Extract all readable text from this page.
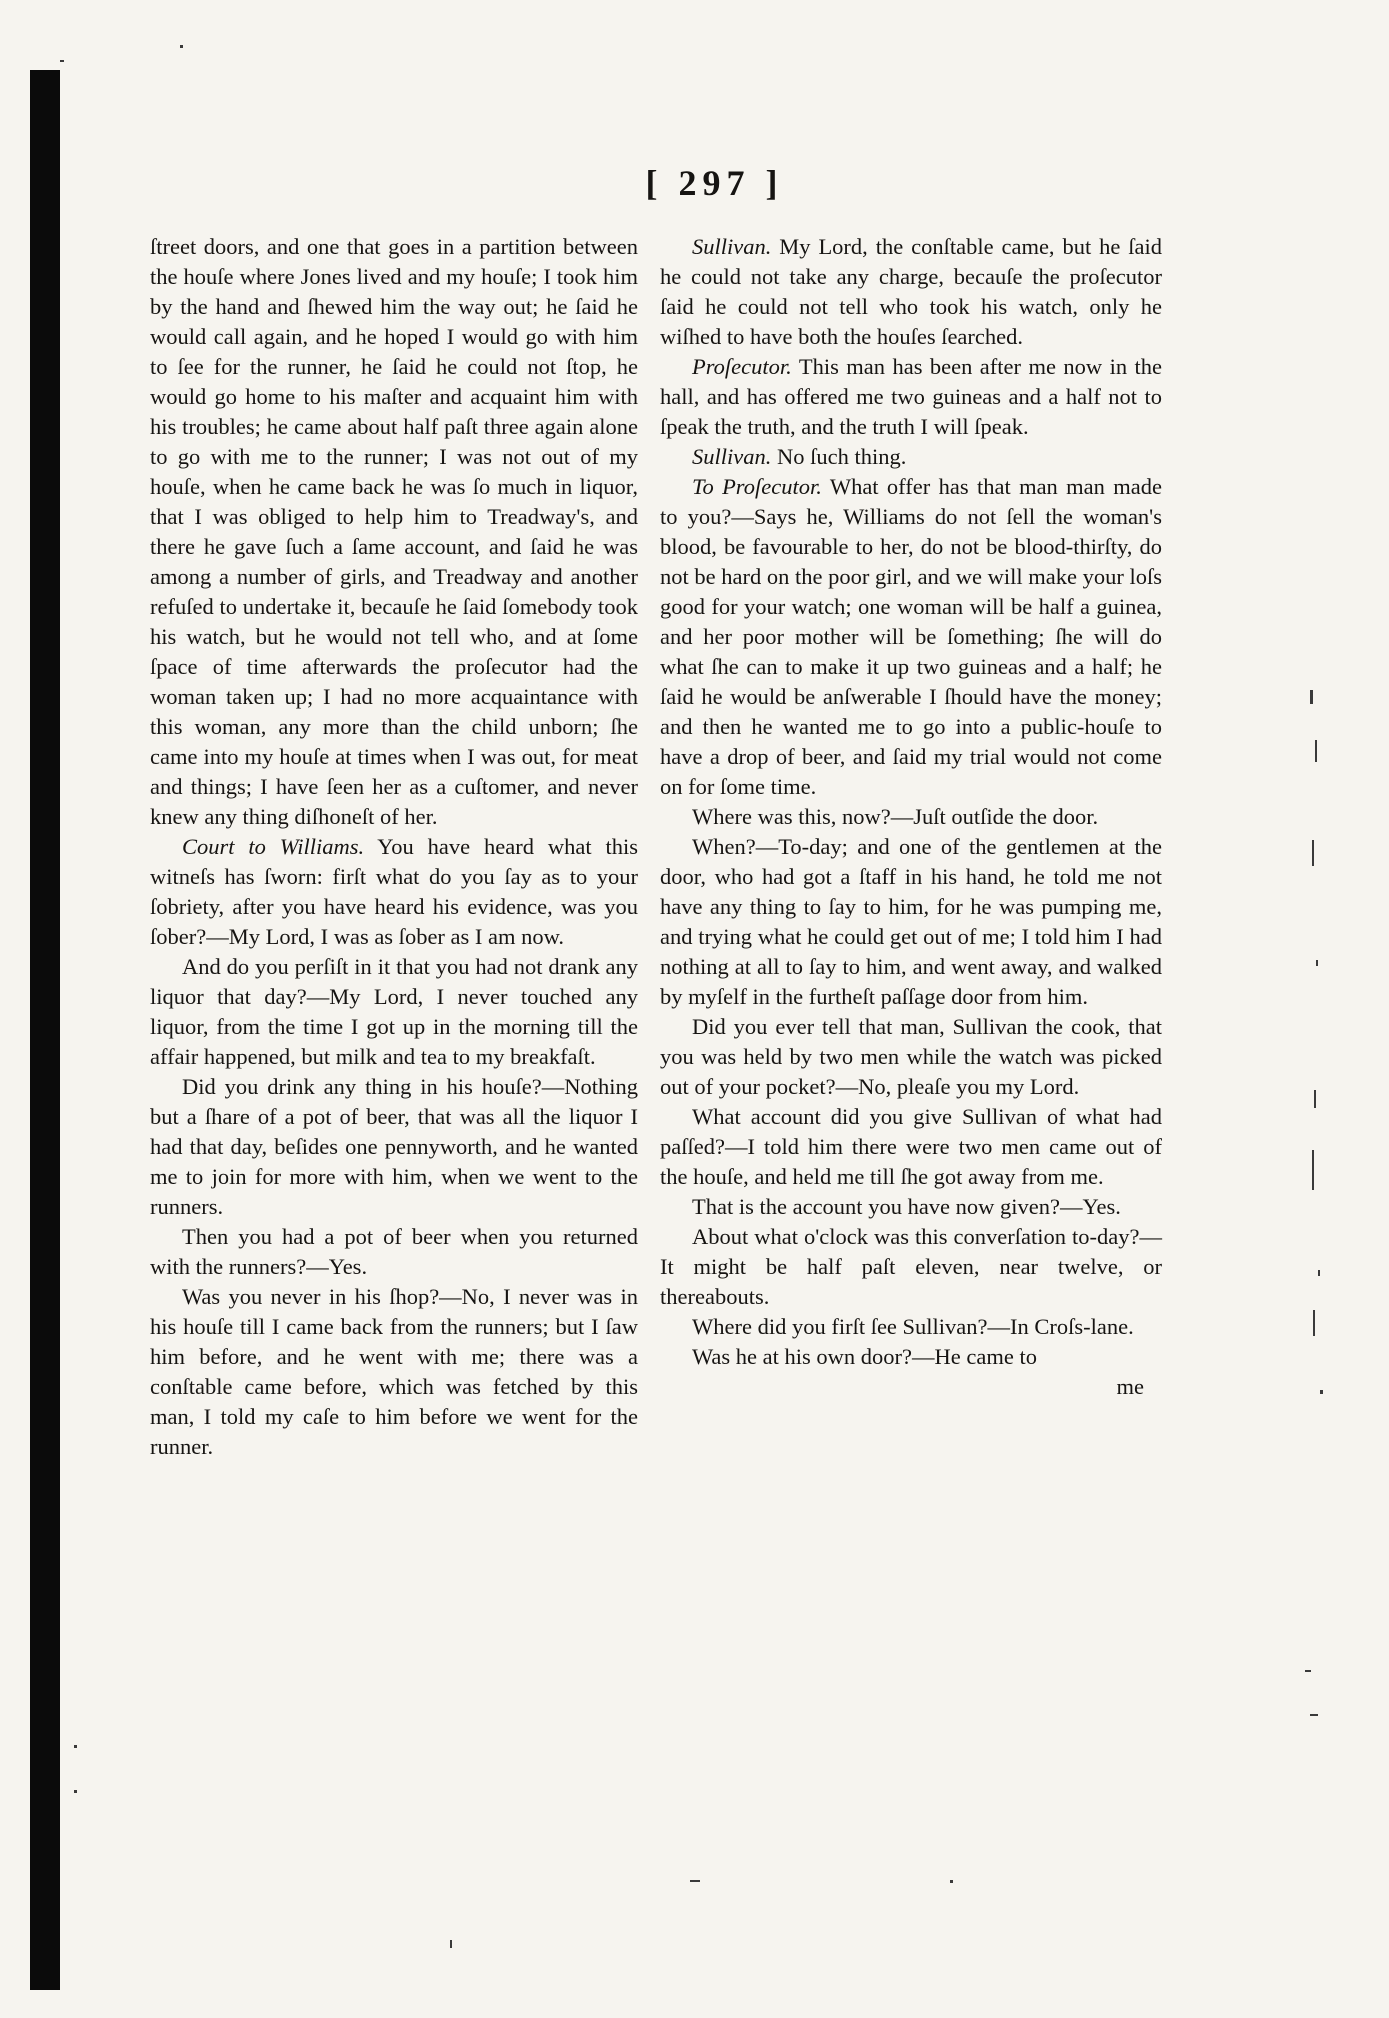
[ 297 ]

ſtreet doors, and one that goes in a partition between the houſe where Jones lived and my houſe; I took him by the hand and ſhewed him the way out; he ſaid he would call again, and he hoped I would go with him to ſee for the runner, he ſaid he could not ſtop, he would go home to his maſter and acquaint him with his troubles; he came about half paſt three again alone to go with me to the runner; I was not out of my houſe, when he came back he was ſo much in liquor, that I was obliged to help him to Treadway's, and there he gave ſuch a ſame account, and ſaid he was among a number of girls, and Treadway and another refuſed to undertake it, becauſe he ſaid ſomebody took his watch, but he would not tell who, and at ſome ſpace of time afterwards the proſecutor had the woman taken up; I had no more acquaintance with this woman, any more than the child unborn; ſhe came into my houſe at times when I was out, for meat and things; I have ſeen her as a cuſtomer, and never knew any thing diſhoneſt of her.

Court to Williams. You have heard what this witneſs has ſworn: firſt what do you ſay as to your ſobriety, after you have heard his evidence, was you ſober?—My Lord, I was as ſober as I am now.

And do you perſiſt in it that you had not drank any liquor that day?—My Lord, I never touched any liquor, from the time I got up in the morning till the affair happened, but milk and tea to my breakfaſt.

Did you drink any thing in his houſe?—Nothing but a ſhare of a pot of beer, that was all the liquor I had that day, beſides one pennyworth, and he wanted me to join for more with him, when we went to the runners.

Then you had a pot of beer when you returned with the runners?—Yes.

Was you never in his ſhop?—No, I never was in his houſe till I came back from the runners; but I ſaw him before, and he went with me; there was a conſtable came before, which was fetched by this man, I told my caſe to him before we went for the runner.

Sullivan. My Lord, the conſtable came, but he ſaid he could not take any charge, becauſe the proſecutor ſaid he could not tell who took his watch, only he wiſhed to have both the houſes ſearched.

Proſecutor. This man has been after me now in the hall, and has offered me two guineas and a half not to ſpeak the truth, and the truth I will ſpeak.

Sullivan. No ſuch thing.

To Proſecutor. What offer has that man man made to you?—Says he, Williams do not ſell the woman's blood, be favourable to her, do not be blood-thirſty, do not be hard on the poor girl, and we will make your loſs good for your watch; one woman will be half a guinea, and her poor mother will be ſomething; ſhe will do what ſhe can to make it up two guineas and a half; he ſaid he would be anſwerable I ſhould have the money; and then he wanted me to go into a public-houſe to have a drop of beer, and ſaid my trial would not come on for ſome time.

Where was this, now?—Juſt outſide the door.

When?—To-day; and one of the gentlemen at the door, who had got a ſtaff in his hand, he told me not have any thing to ſay to him, for he was pumping me, and trying what he could get out of me; I told him I had nothing at all to ſay to him, and went away, and walked by myſelf in the furtheſt paſſage door from him.

Did you ever tell that man, Sullivan the cook, that you was held by two men while the watch was picked out of your pocket?—No, pleaſe you my Lord.

What account did you give Sullivan of what had paſſed?—I told him there were two men came out of the houſe, and held me till ſhe got away from me.

That is the account you have now given?—Yes.

About what o'clock was this converſation to-day?—It might be half paſt eleven, near twelve, or thereabouts.

Where did you firſt ſee Sullivan?—In Croſs-lane.

Was he at his own door?—He came to

me
